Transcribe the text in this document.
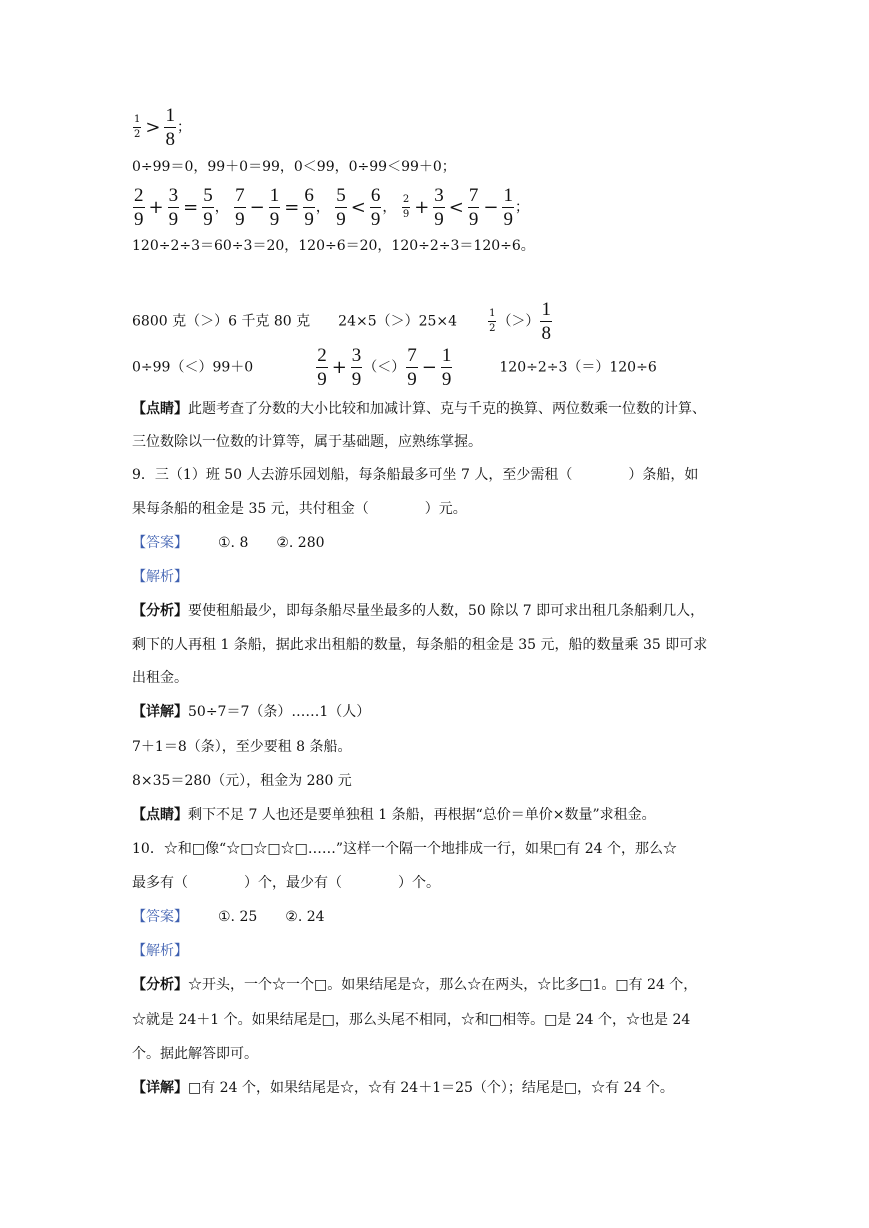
$\frac{1}{2} > \frac{1}{8}$ ；
0÷99＝0，99＋0＝99，0＜99，0÷99＜99＋0；
$\frac{2}{9} + \frac{3}{9} = \frac{5}{9}$ ， $\frac{7}{9} - \frac{1}{9} = \frac{6}{9}$ ， $\frac{5}{9} < \frac{6}{9}$ ， $\frac{2}{9} + \frac{3}{9} < \frac{7}{9} - \frac{1}{9}$ ；
120÷2÷3＝60÷3＝20，120÷6＝20，120÷2÷3＝120÷6。
6800 克（＞）6 千克 80 克 24×5（＞）25×4	$\frac{1}{2}$ （＞） $\frac{1}{8}$
0÷99（＜）99＋0	$\frac{2}{9} + \frac{3}{9}$ （＜） $\frac{7}{9} - \frac{1}{9}$	120÷2÷3（＝）120÷6
【点睛】此题考查了分数的大小比较和加减计算、克与千克的换算、两位数乘一位数的计算、
三位数除以一位数的计算等，属于基础题，应熟练掌握。
9．三（1）班 50 人去游乐园划船，每条船最多可坐 7 人，至少需租（　　　　）条船，如
果每条船的租金是 35 元，共付租金（　　　　）元。
【答案】 ①. 8　　②. 280
【解析】
【分析】要使租船最少，即每条船尽量坐最多的人数，50 除以 7 即可求出租几条船剩几人，
剩下的人再租 1 条船，据此求出租船的数量，每条船的租金是 35 元，船的数量乘 35 即可求
出租金。
【详解】50÷7＝7（条）……1（人）
7＋1＝8（条），至少要租 8 条船。
8×35＝280（元），租金为 280 元
【点睛】剩下不足 7 人也还是要单独租 1 条船，再根据“总价＝单价×数量”求租金。
10．☆和□像“☆□☆□☆□……”这样一个隔一个地排成一行，如果□有 24 个，那么☆
最多有（　　　　）个，最少有（　　　　）个。
【答案】 ①. 25　　②. 24
【解析】
【分析】☆开头，一个☆一个□。如果结尾是☆，那么☆在两头，☆比多□1。□有 24 个，
☆就是 24＋1 个。如果结尾是□，那么头尾不相同，☆和□相等。□是 24 个，☆也是 24
个。据此解答即可。
【详解】□有 24 个，如果结尾是☆，☆有 24＋1＝25（个）；结尾是□，☆有 24 个。
